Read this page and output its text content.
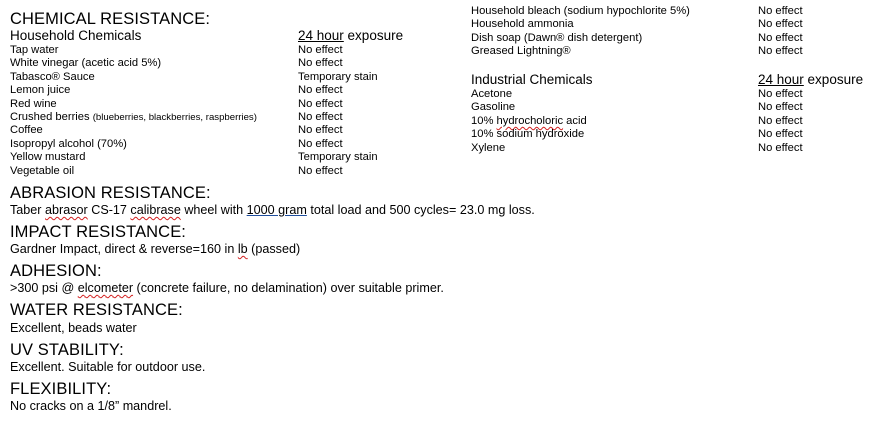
CHEMICAL RESISTANCE:
Household Chemicals	24 hour exposure
Tap water
White vinegar (acetic acid 5%)
Tabasco® Sauce
Lemon juice
Red wine
Crushed berries (blueberries, blackberries, raspberries)
Coffee
Isopropyl alcohol (70%)
Yellow mustard
Vegetable oil
No effect
No effect
Temporary stain
No effect
No effect
No effect
No effect
No effect
Temporary stain
No effect
Household bleach (sodium hypochlorite 5%)
Household ammonia
Dish soap (Dawn® dish detergent)
Greased Lightning®
No effect
No effect
No effect
No effect
Industrial Chemicals	24 hour exposure
Acetone
Gasoline
10% hydrocholoric acid
10% sodium hydroxide
Xylene
No effect
No effect
No effect
No effect
No effect
ABRASION RESISTANCE:
Taber abrasor CS-17 calibrase wheel with 1000 gram total load and 500 cycles= 23.0 mg loss.
IMPACT RESISTANCE:
Gardner Impact, direct & reverse=160 in lb (passed)
ADHESION:
>300 psi @ elcometer (concrete failure, no delamination) over suitable primer.
WATER RESISTANCE:
Excellent, beads water
UV STABILITY:
Excellent. Suitable for outdoor use.
FLEXIBILITY:
No cracks on a 1/8” mandrel.
